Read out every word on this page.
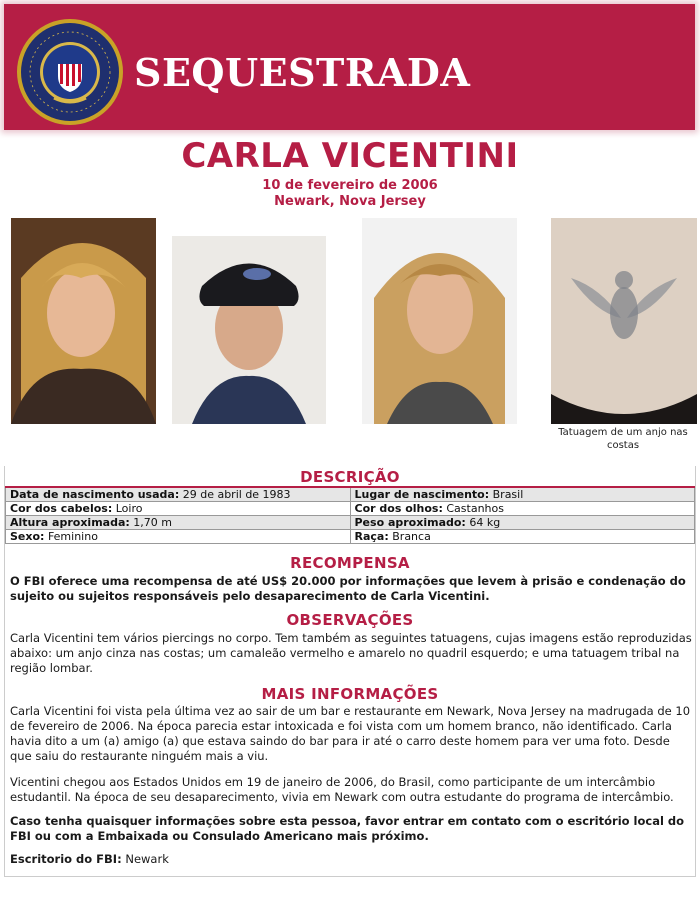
SEQUESTRADA
CARLA VICENTINI
10 de fevereiro de 2006
Newark, Nova Jersey
Tatuagem de um anjo nas costas
DESCRIÇÃO
Data de nascimento usada: 29 de abril de 1983	Lugar de nascimento: Brasil
Cor dos cabelos: Loiro	Cor dos olhos: Castanhos
Altura aproximada: 1,70 m	Peso aproximado: 64 kg
Sexo: Feminino	Raça: Branca
RECOMPENSA
O FBI oferece uma recompensa de até US$ 20.000 por informações que levem à prisão e condenação do sujeito ou sujeitos responsáveis pelo desaparecimento de Carla Vicentini.
OBSERVAÇÕES
Carla Vicentini tem vários piercings no corpo. Tem também as seguintes tatuagens, cujas imagens estão reproduzidas abaixo: um anjo cinza nas costas; um camaleão vermelho e amarelo no quadril esquerdo; e uma tatuagem tribal na região lombar.
MAIS INFORMAÇÕES
Carla Vicentini foi vista pela última vez ao sair de um bar e restaurante em Newark, Nova Jersey na madrugada de 10 de fevereiro de 2006. Na época parecia estar intoxicada e foi vista com um homem branco, não identificado. Carla havia dito a um (a) amigo (a) que estava saindo do bar para ir até o carro deste homem para ver uma foto. Desde que saiu do restaurante ninguém mais a viu.
Vicentini chegou aos Estados Unidos em 19 de janeiro de 2006, do Brasil, como participante de um intercâmbio estudantil. Na época de seu desaparecimento, vivia em Newark com outra estudante do programa de intercâmbio.
Caso tenha quaisquer informações sobre esta pessoa, favor entrar em contato com o escritório local do FBI ou com a Embaixada ou Consulado Americano mais próximo.
Escritorio do FBI: Newark
